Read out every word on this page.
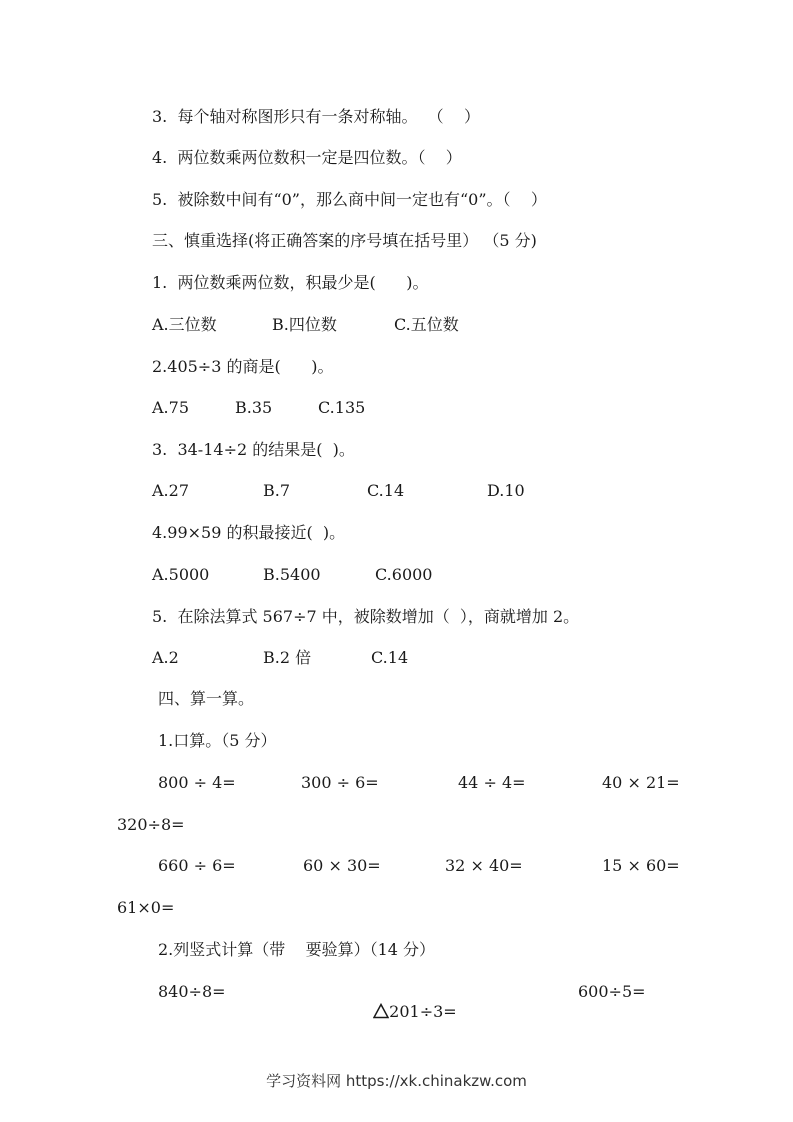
3.  每个轴对称图形只有一条对称轴。  （    ）
4.  两位数乘两位数积一定是四位数。（    ）
5.  被除数中间有“0”，那么商中间一定也有“0”。（    ）
三、慎重选择(将正确答案的序号填在括号里） （5 分)
1.  两位数乘两位数，积最少是(      )。
A.三位数	B.四位数	C.五位数
2.405÷3 的商是(      )。
A.75	B.35	C.135
3.  34-14÷2 的结果是(  )。
A.27	B.7	C.14	D.10
4.99×59 的积最接近(  )。
A.5000	B.5400	C.6000
5.  在除法算式 567÷7 中，被除数增加（  ），商就增加 2。
A.2	B.2 倍	C.14
四、算一算。
1.口算。（5 分）
800 ÷ 4=	300 ÷ 6=	44 ÷ 4=	40 × 21=
320÷8=
660 ÷ 6=	60 × 30=	32 × 40=	15 × 60=
61×0=
2.列竖式计算（带    要验算）（14 分）
840÷8=

201÷3=

600÷5=
学习资料网 https://xk.chinakzw.com
